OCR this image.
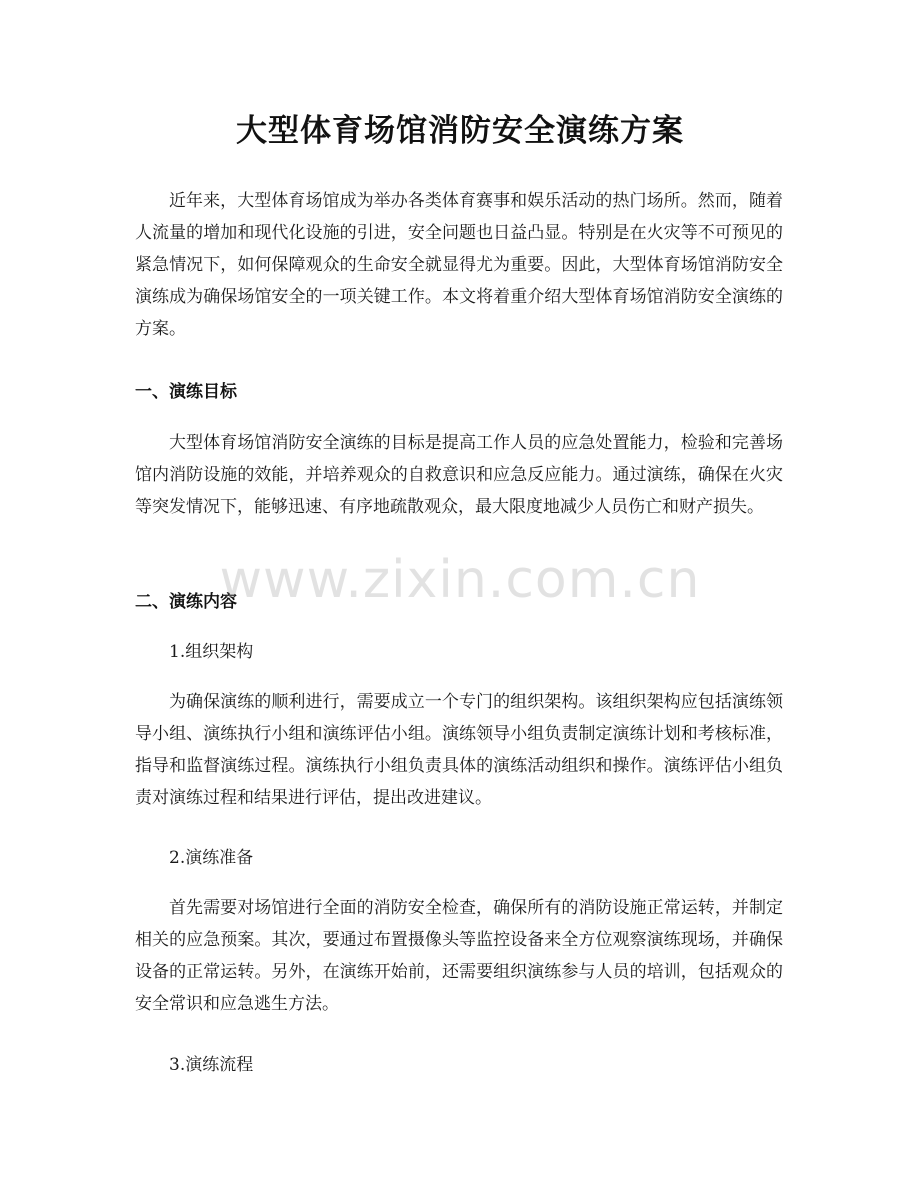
大型体育场馆消防安全演练方案
近年来，大型体育场馆成为举办各类体育赛事和娱乐活动的热门场所。然而，随着人流量的增加和现代化设施的引进，安全问题也日益凸显。特别是在火灾等不可预见的紧急情况下，如何保障观众的生命安全就显得尤为重要。因此，大型体育场馆消防安全演练成为确保场馆安全的一项关键工作。本文将着重介绍大型体育场馆消防安全演练的方案。
一、演练目标
大型体育场馆消防安全演练的目标是提高工作人员的应急处置能力，检验和完善场馆内消防设施的效能，并培养观众的自救意识和应急反应能力。通过演练，确保在火灾等突发情况下，能够迅速、有序地疏散观众，最大限度地减少人员伤亡和财产损失。
二、演练内容
1.组织架构
为确保演练的顺利进行，需要成立一个专门的组织架构。该组织架构应包括演练领导小组、演练执行小组和演练评估小组。演练领导小组负责制定演练计划和考核标准，指导和监督演练过程。演练执行小组负责具体的演练活动组织和操作。演练评估小组负责对演练过程和结果进行评估，提出改进建议。
2.演练准备
首先需要对场馆进行全面的消防安全检查，确保所有的消防设施正常运转，并制定相关的应急预案。其次，要通过布置摄像头等监控设备来全方位观察演练现场，并确保设备的正常运转。另外，在演练开始前，还需要组织演练参与人员的培训，包括观众的安全常识和应急逃生方法。
3.演练流程
www.zixin.com.cn
